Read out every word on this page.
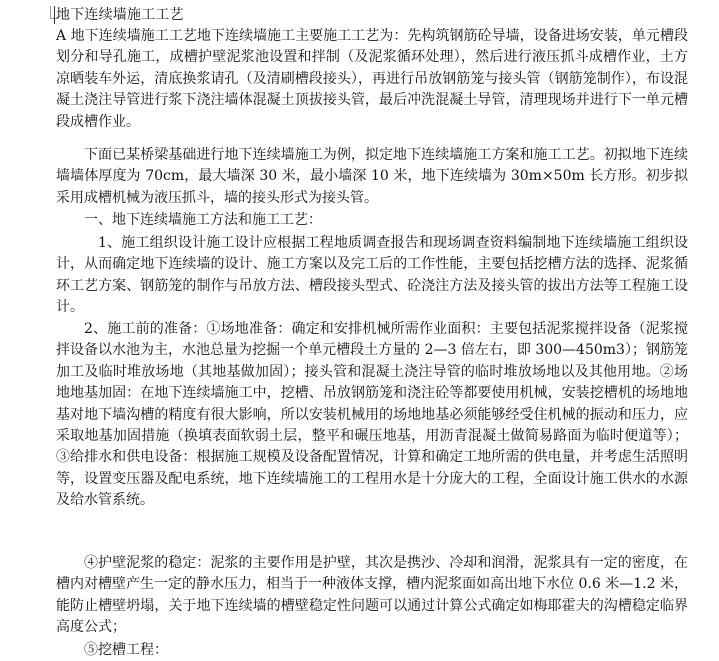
地下连续墙施工工艺

A 地下连续墙施工工艺地下连续墙施工主要施工工艺为：先构筑钢筋砼导墙，设备进场安装，单元槽段划分和导孔施工，成槽护壁泥浆池设置和拌制（及泥浆循环处理），然后进行液压抓斗成槽作业，土方凉晒装车外运，清底换浆请孔（及清刷槽段接头），再进行吊放钢筋笼与接头管（钢筋笼制作），布设混凝土浇注导管进行浆下浇注墙体混凝土顶拔接头管，最后冲洗混凝土导管，清理现场并进行下一单元槽段成槽作业。

下面已某桥梁基础进行地下连续墙施工为例，拟定地下连续墙施工方案和施工工艺。初拟地下连续墙墙体厚度为 70cm，最大墙深 30 米，最小墙深 10 米，地下连续墙为 30m×50m 长方形。初步拟采用成槽机械为液压抓斗，墙的接头形式为接头管。

一、地下连续墙施工方法和施工工艺：

1、施工组织设计施工设计应根据工程地质调查报告和现场调查资料编制地下连续墙施工组织设计，从而确定地下连续墙的设计、施工方案以及完工后的工作性能，主要包括挖槽方法的选择、泥浆循环工艺方案、钢筋笼的制作与吊放方法、槽段接头型式、砼浇注方法及接头管的拔出方法等工程施工设计。

2、施工前的准备：①场地准备：确定和安排机械所需作业面积：主要包括泥浆搅拌设备（泥浆搅拌设备以水池为主，水池总量为挖掘一个单元槽段土方量的 2—3 倍左右，即 300—450m3）；钢筋笼加工及临时堆放场地（其地基做加固）；接头管和混凝土浇注导管的临时堆放场地以及其他用地。②场地地基加固：在地下连续墙施工中，挖槽、吊放钢筋笼和浇注砼等都要使用机械，安装挖槽机的场地地基对地下墙沟槽的精度有很大影响，所以安装机械用的场地地基必须能够经受住机械的振动和压力，应采取地基加固措施（换填表面软弱土层，整平和碾压地基，用沥青混凝土做简易路面为临时便道等）；③给排水和供电设备：根据施工规模及设备配置情况，计算和确定工地所需的供电量，并考虑生活照明等，设置变压器及配电系统，地下连续墙施工的工程用水是十分庞大的工程，全面设计施工供水的水源及给水管系统。

④护壁泥浆的稳定：泥浆的主要作用是护壁，其次是携沙、冷却和润滑，泥浆具有一定的密度，在槽内对槽壁产生一定的静水压力，相当于一种液体支撑，槽内泥浆面如高出地下水位 0.6 米—1.2 米，能防止槽壁坍塌，关于地下连续墙的槽壁稳定性问题可以通过计算公式确定如梅耶霍夫的沟槽稳定临界高度公式；

⑤挖槽工程：
